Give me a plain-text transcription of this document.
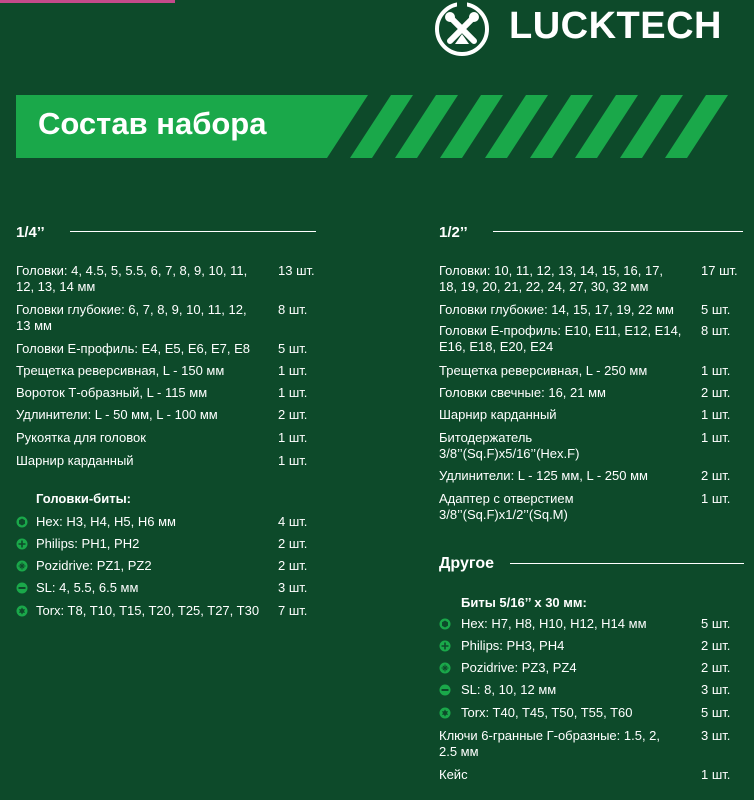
LUCKTECH
Состав набора
1/4’’
Головки: 4, 4.5, 5, 5.5, 6, 7, 8, 9, 10, 11,
12, 13, 14 мм
13 шт.
Головки глубокие: 6, 7, 8, 9, 10, 11, 12,
13 мм
8 шт.
Головки Е-профиль: E4, E5, E6, E7, E8 5 шт.
Трещетка реверсивная, L - 150 мм	1 шт.
Вороток Т-образный, L - 115 мм	1 шт.
Удлинители: L - 50 мм, L - 100 мм	2 шт.
Рукоятка для головок	1 шт.
Шарнир карданный	1 шт.
Головки-биты:
Hex: H3, H4, H5, H6 мм	4 шт.
Philips: PH1, PH2	2 шт.
Pozidrive: PZ1, PZ2	2 шт.
SL: 4, 5.5, 6.5 мм	3 шт.
Torx: T8, T10, T15, T20, T25, T27, T30 7 шт.
1/2’’
Головки: 10, 11, 12, 13, 14, 15, 16, 17,
18, 19, 20, 21, 22, 24, 27, 30, 32 мм
17 шт.
Головки глубокие: 14, 15, 17, 19, 22 мм 5 шт.
Головки Е-профиль: E10, E11, E12, E14,
E16, E18, E20, E24
8 шт.
Трещетка реверсивная, L - 250 мм	1 шт.
Головки свечные: 16, 21 мм	2 шт.
Шарнир карданный	1 шт.
Битодержатель
3/8’’(Sq.F)x5/16’’(Hex.F)
1 шт.
Удлинители: L - 125 мм, L - 250 мм	2 шт.
Адаптер с отверстием
3/8’’(Sq.F)x1/2’’(Sq.M)
1 шт.
Другое
Биты 5/16’’ х 30 мм:
Hex: H7, H8, H10, H12, H14 мм	5 шт.
Philips: PH3, PH4	2 шт.
Pozidrive: PZ3, PZ4	2 шт.
SL: 8, 10, 12 мм	3 шт.
Torx: T40, T45, T50, T55, T60	5 шт.
Ключи 6-гранные Г-образные: 1.5, 2,
2.5 мм
3 шт.
Кейс	1 шт.
